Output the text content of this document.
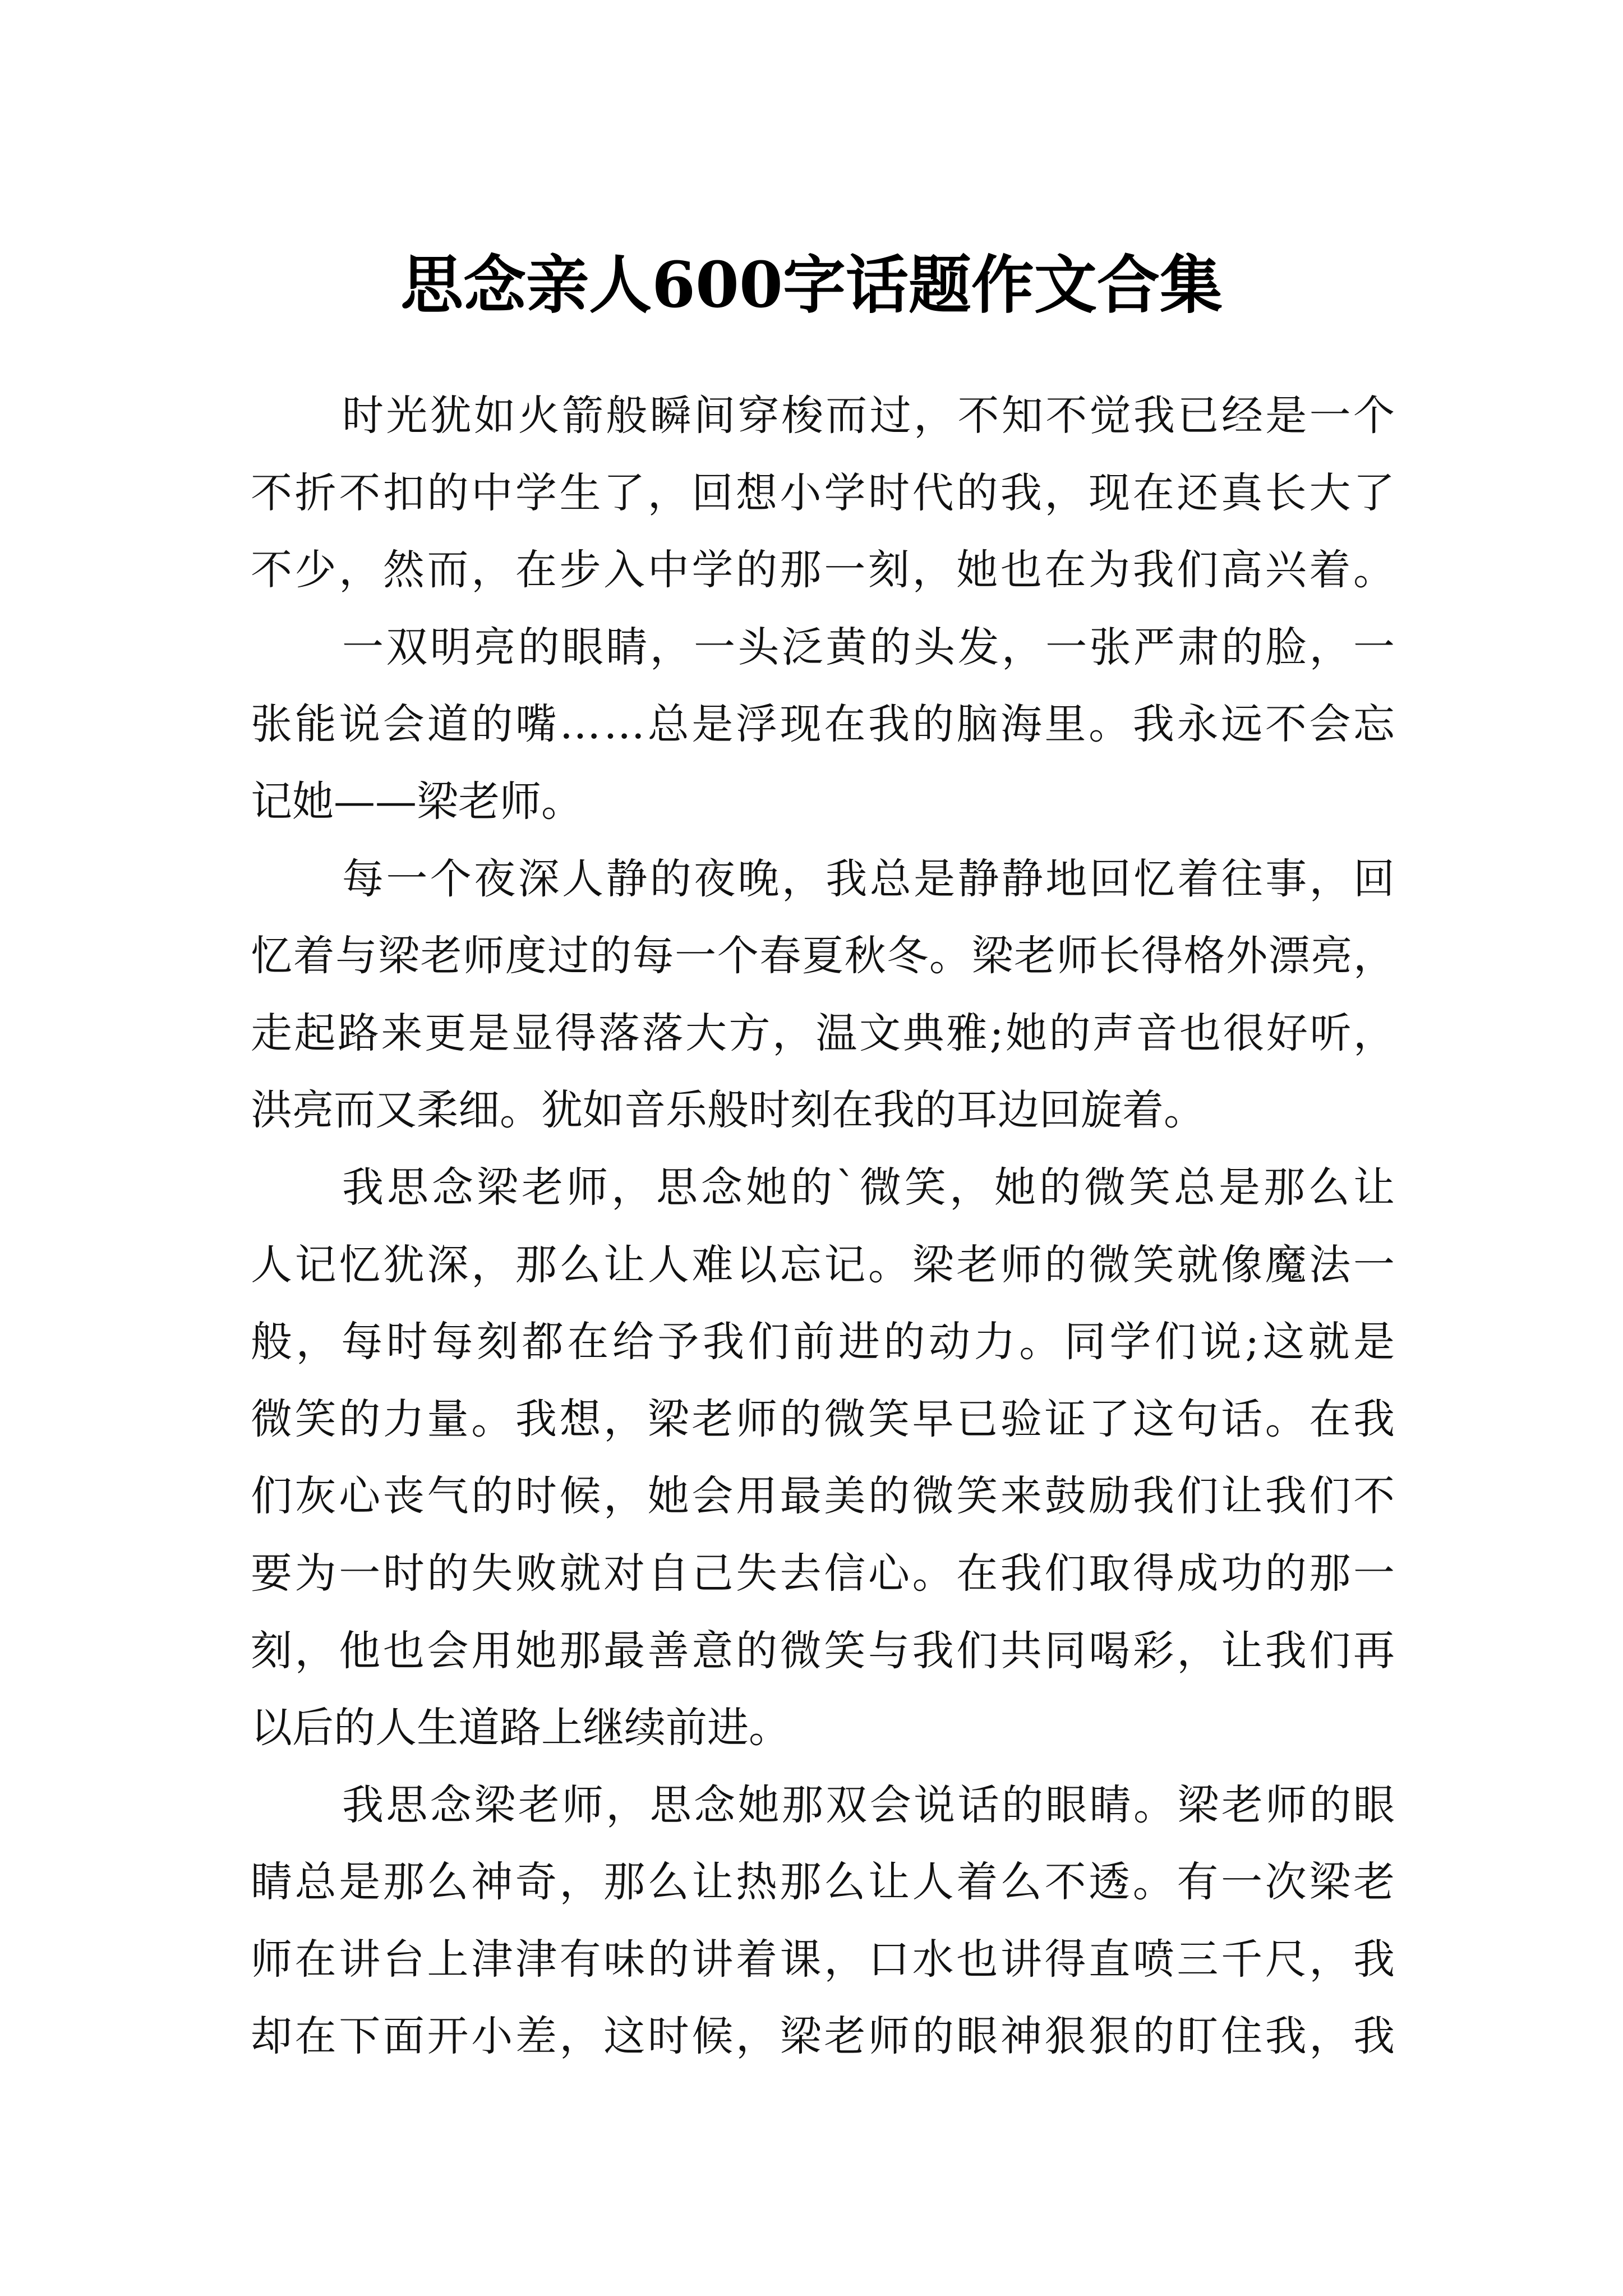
思念亲人600字话题作文合集
时光犹如火箭般瞬间穿梭而过，不知不觉我已经是一个
不折不扣的中学生了，回想小学时代的我，现在还真长大了
不少，然而，在步入中学的那一刻，她也在为我们高兴着。
一双明亮的眼睛，一头泛黄的头发，一张严肃的脸，一
张能说会道的嘴……总是浮现在我的脑海里。我永远不会忘
记她——梁老师。
每一个夜深人静的夜晚，我总是静静地回忆着往事，回
忆着与梁老师度过的每一个春夏秋冬。梁老师长得格外漂亮，
走起路来更是显得落落大方，温文典雅;她的声音也很好听，
洪亮而又柔细。犹如音乐般时刻在我的耳边回旋着。
我思念梁老师，思念她的`微笑，她的微笑总是那么让
人记忆犹深，那么让人难以忘记。梁老师的微笑就像魔法一
般，每时每刻都在给予我们前进的动力。同学们说;这就是
微笑的力量。我想，梁老师的微笑早已验证了这句话。在我
们灰心丧气的时候，她会用最美的微笑来鼓励我们让我们不
要为一时的失败就对自己失去信心。在我们取得成功的那一
刻，他也会用她那最善意的微笑与我们共同喝彩，让我们再
以后的人生道路上继续前进。
我思念梁老师，思念她那双会说话的眼睛。梁老师的眼
睛总是那么神奇，那么让热那么让人着么不透。有一次梁老
师在讲台上津津有味的讲着课，口水也讲得直喷三千尺，我
却在下面开小差，这时候，梁老师的眼神狠狠的盯住我，我
